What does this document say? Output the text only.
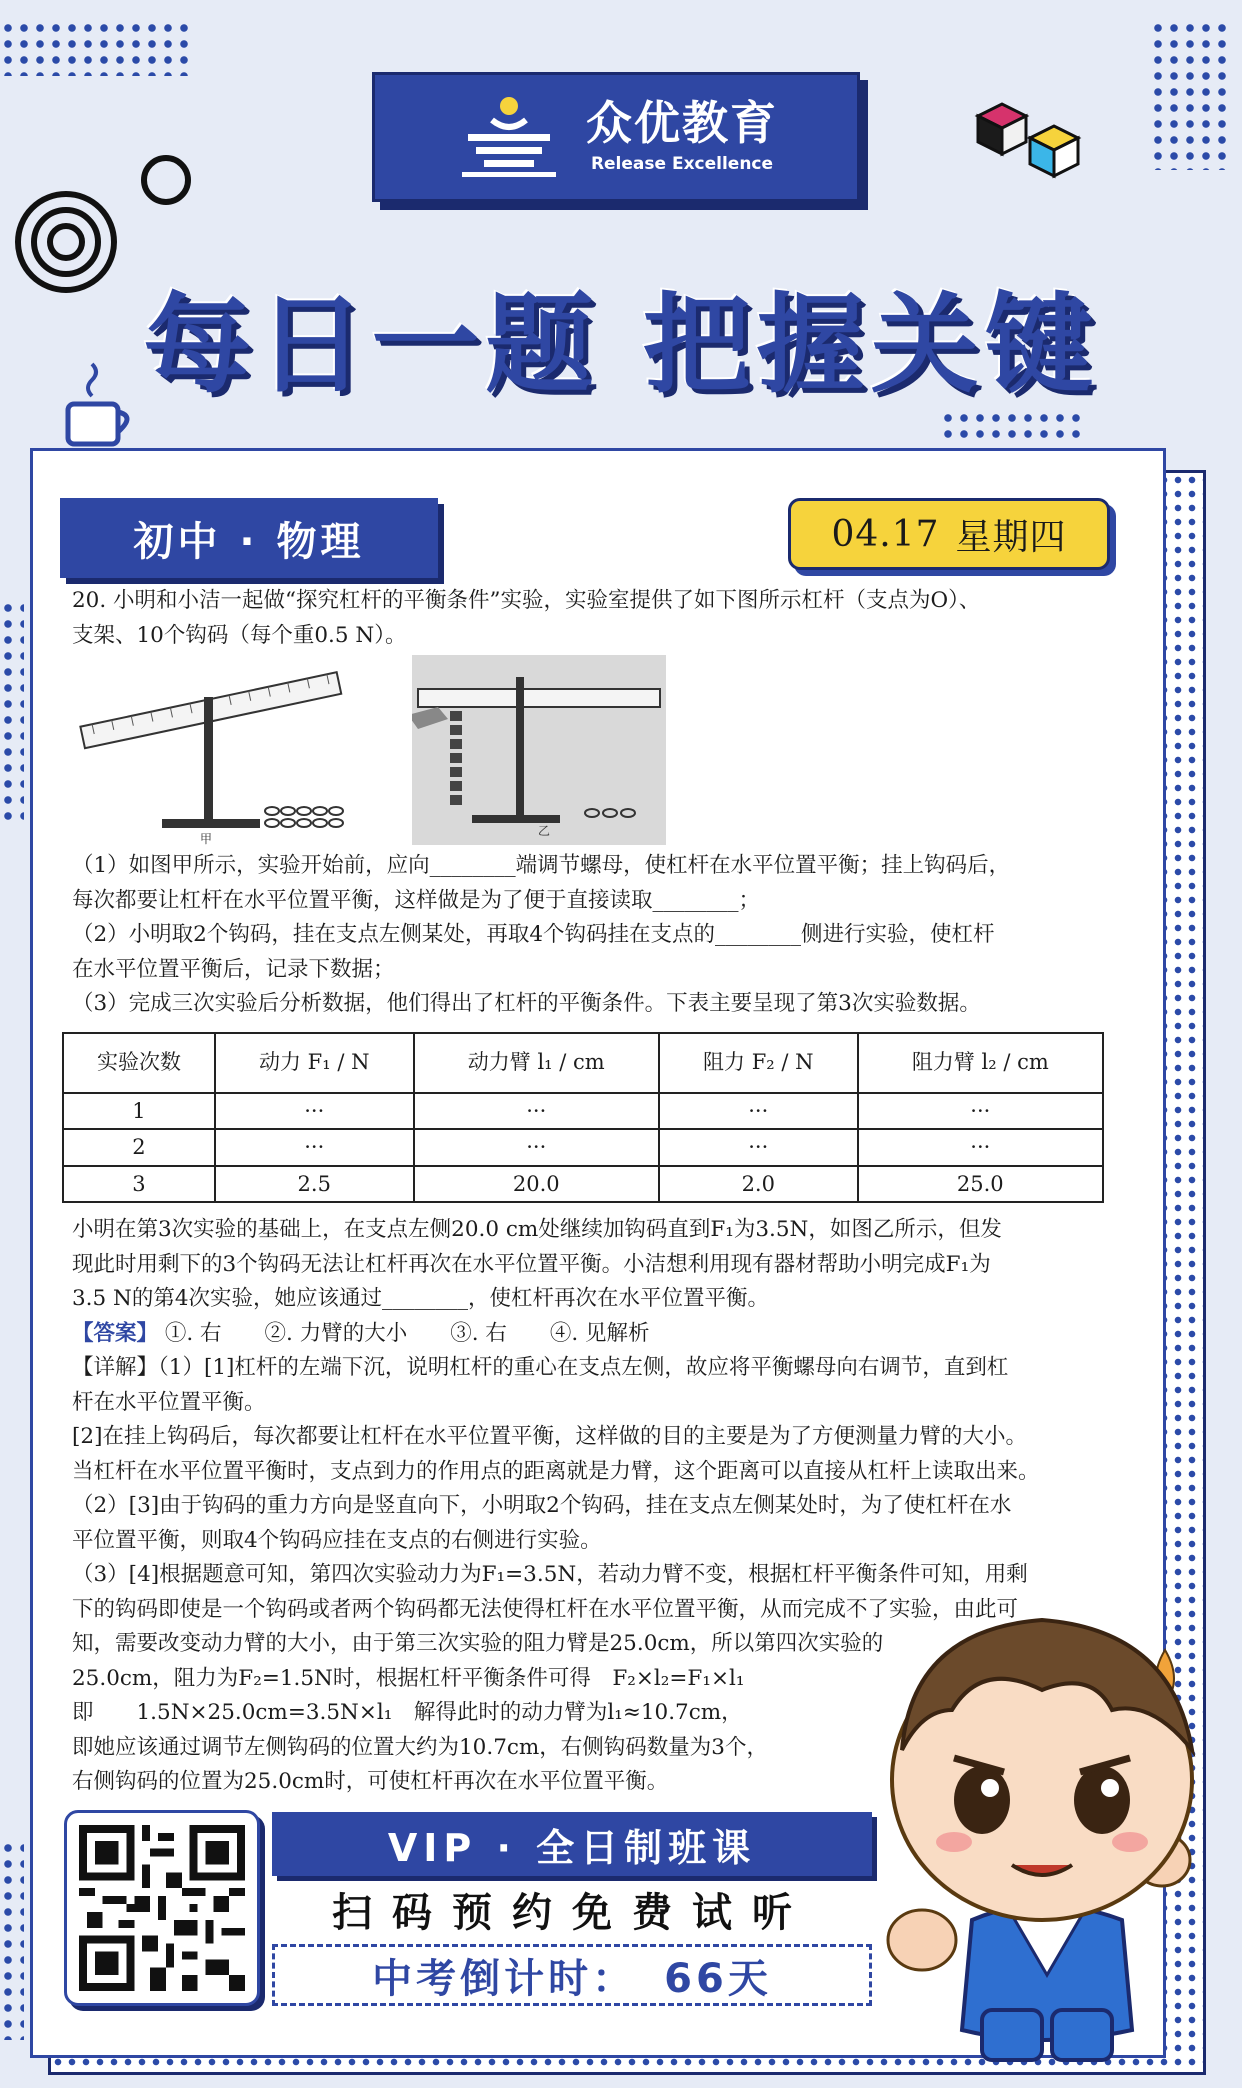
众优教育
Release Excellence
每日一题 把握关键
初中 · 物理	04.17 星期四

20. 小明和小洁一起做“探究杠杆的平衡条件”实验，实验室提供了如下图所示杠杆（支点为O）、

支架、10个钩码（每个重0.5 N）。

甲
乙

（1）如图甲所示，实验开始前，应向________端调节螺母，使杠杆在水平位置平衡；挂上钩码后，

每次都要让杠杆在水平位置平衡，这样做是为了便于直接读取________；

（2）小明取2个钩码，挂在支点左侧某处，再取4个钩码挂在支点的________侧进行实验，使杠杆

在水平位置平衡后，记录下数据；

（3）完成三次实验后分析数据，他们得出了杠杆的平衡条件。下表主要呈现了第3次实验数据。

实验次数	动力 F₁ / N	动力臂 l₁ / cm	阻力 F₂ / N	阻力臂 l₂ / cm
1	···	···	···	···
2	···	···	···	···
3	2.5	20.0	2.0	25.0

小明在第3次实验的基础上，在支点左侧20.0 cm处继续加钩码直到F₁为3.5N，如图乙所示，但发

现此时用剩下的3个钩码无法让杠杆再次在水平位置平衡。小洁想利用现有器材帮助小明完成F₁为

3.5 N的第4次实验，她应该通过________，使杠杆再次在水平位置平衡。

【答案】 ①. 右　　②. 力臂的大小　　③. 右　　④. 见解析

【详解】（1）[1]杠杆的左端下沉，说明杠杆的重心在支点左侧，故应将平衡螺母向右调节，直到杠

杆在水平位置平衡。

[2]在挂上钩码后，每次都要让杠杆在水平位置平衡，这样做的目的主要是为了方便测量力臂的大小。

当杠杆在水平位置平衡时，支点到力的作用点的距离就是力臂，这个距离可以直接从杠杆上读取出来。

（2）[3]由于钩码的重力方向是竖直向下，小明取2个钩码，挂在支点左侧某处时，为了使杠杆在水

平位置平衡，则取4个钩码应挂在支点的右侧进行实验。

（3）[4]根据题意可知，第四次实验动力为F₁=3.5N，若动力臂不变，根据杠杆平衡条件可知，用剩

下的钩码即使是一个钩码或者两个钩码都无法使得杠杆在水平位置平衡，从而完成不了实验，由此可

知，需要改变动力臂的大小，由于第三次实验的阻力臂是25.0cm，所以第四次实验的

25.0cm，阻力为F₂=1.5N时，根据杠杆平衡条件可得　F₂×l₂=F₁×l₁

即　　1.5N×25.0cm=3.5N×l₁　解得此时的动力臂为l₁≈10.7cm，

即她应该通过调节左侧钩码的位置大约为10.7cm，右侧钩码数量为3个，

右侧钩码的位置为25.0cm时，可使杠杆再次在水平位置平衡。

VIP · 全日制班课
扫码预约免费试听
中考倒计时： 66天
